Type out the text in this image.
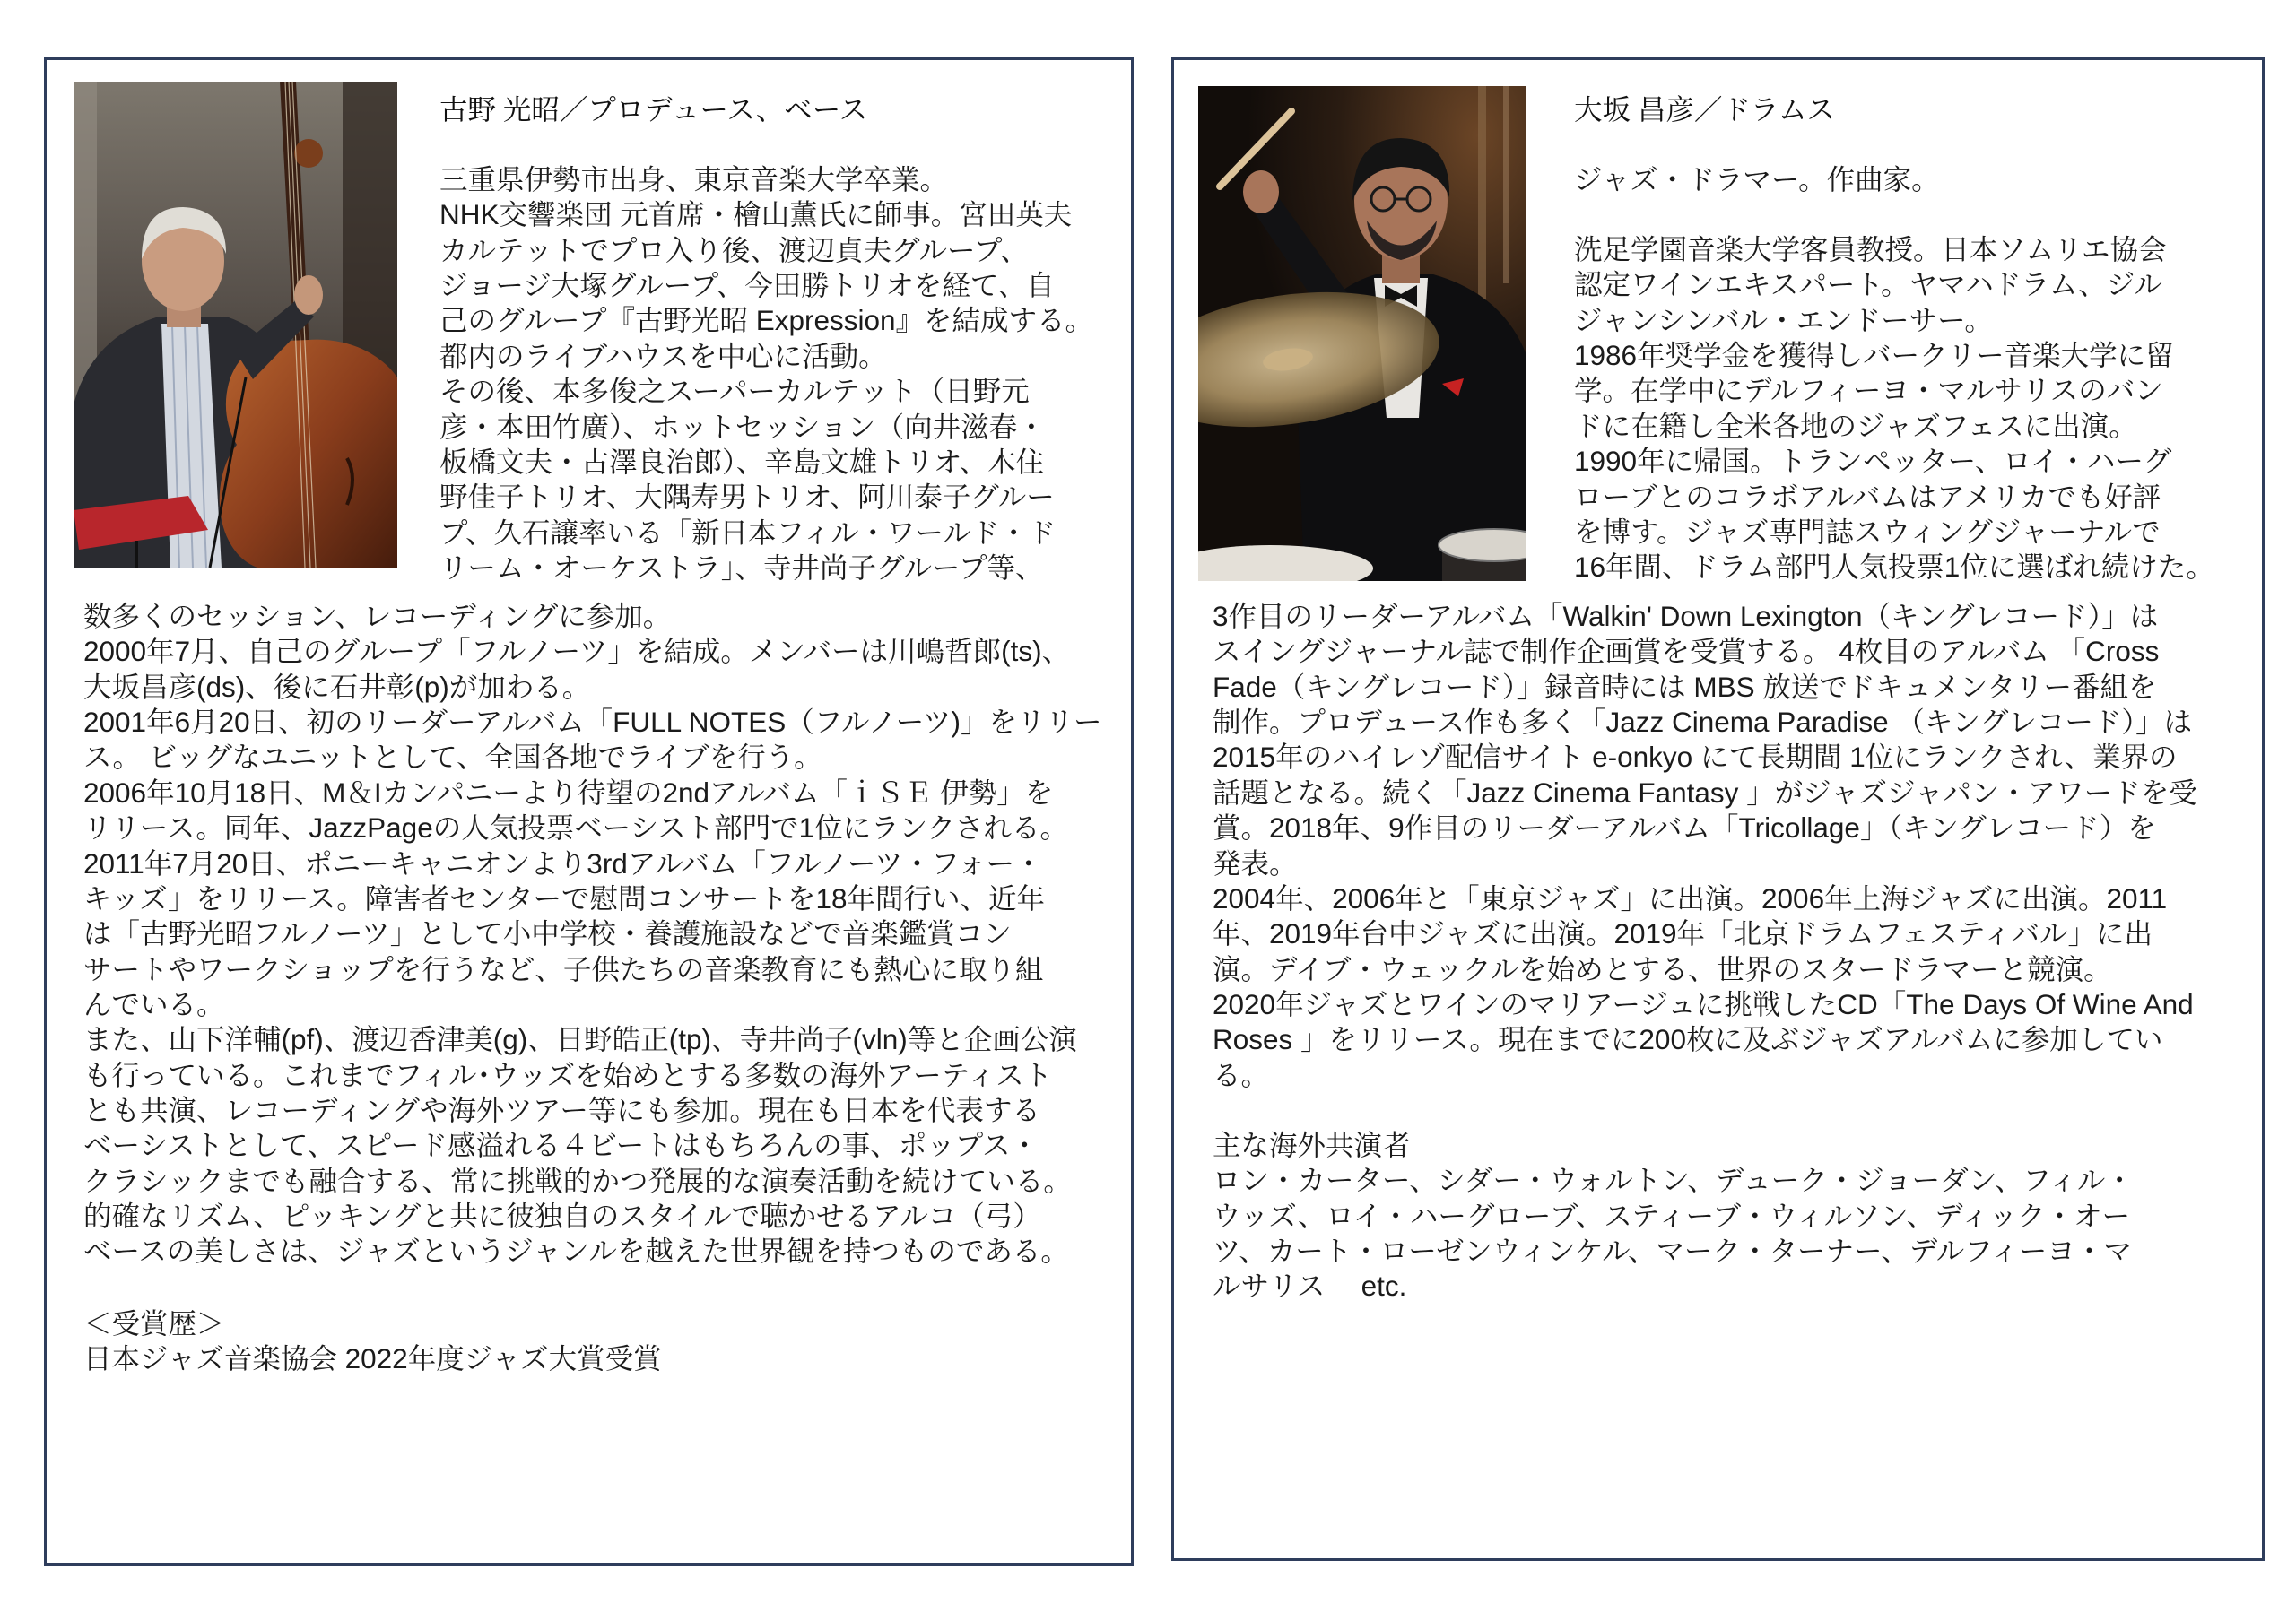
古野 光昭／プロデュース、ベース
三重県伊勢市出身、東京音楽大学卒業。
NHK交響楽団 元首席・檜山薫氏に師事。宮田英夫
カルテットでプロ入り後、渡辺貞夫グループ、
ジョージ大塚グループ、今田勝トリオを経て、自
己のグループ『古野光昭 Expression』を結成する。
都内のライブハウスを中心に活動。
その後、本多俊之スーパーカルテット（日野元
彦・本田竹廣）、ホットセッション（向井滋春・
板橋文夫・古澤良治郎）、辛島文雄トリオ、木住
野佳子トリオ、大隅寿男トリオ、阿川泰子グルー
プ、久石譲率いる「新日本フィル・ワールド・ド
リーム・オーケストラ」、寺井尚子グループ等、
数多くのセッション、レコーディングに参加。
2000年7月、自己のグループ「フルノーツ」を結成。メンバーは川嶋哲郎(ts)、
大坂昌彦(ds)、後に石井彰(p)が加わる。
2001年6月20日、初のリーダーアルバム「FULL NOTES（フルノーツ)」をリリー
ス。 ビッグなユニットとして、全国各地でライブを行う。
2006年10月18日、M＆Iカンパニーより待望の2ndアルバム「ｉＳＥ 伊勢」を
リリース。同年、JazzPageの人気投票ベーシスト部門で1位にランクされる。
2011年7月20日、ポニーキャニオンより3rdアルバム「フルノーツ・フォー・
キッズ」をリリース。障害者センターで慰問コンサートを18年間行い、近年
は「古野光昭フルノーツ」として小中学校・養護施設などで音楽鑑賞コン
サートやワークショップを行うなど、子供たちの音楽教育にも熱心に取り組
んでいる。
また、山下洋輔(pf)、渡辺香津美(g)、日野皓正(tp)、寺井尚子(vln)等と企画公演
も行っている。これまでフィル･ウッズを始めとする多数の海外アーティスト
とも共演、レコーディングや海外ツアー等にも参加。現在も日本を代表する
ベーシストとして、スピード感溢れる４ビートはもちろんの事、ポップス・
クラシックまでも融合する、常に挑戦的かつ発展的な演奏活動を続けている。
的確なリズム、ピッキングと共に彼独自のスタイルで聴かせるアルコ（弓）
ベースの美しさは、ジャズというジャンルを越えた世界観を持つものである。
＜受賞歴＞
日本ジャズ音楽協会 2022年度ジャズ大賞受賞
大坂 昌彦／ドラムス
ジャズ・ドラマー。作曲家。
洗足学園音楽大学客員教授。日本ソムリエ協会
認定ワインエキスパート。ヤマハドラム、ジル
ジャンシンバル・エンドーサー。
1986年奨学金を獲得しバークリー音楽大学に留
学。在学中にデルフィーヨ・マルサリスのバン
ドに在籍し全米各地のジャズフェスに出演。
1990年に帰国。トランペッター、ロイ・ハーグ
ローブとのコラボアルバムはアメリカでも好評
を博す。ジャズ専門誌スウィングジャーナルで
16年間、ドラム部門人気投票1位に選ばれ続けた。
3作目のリーダーアルバム「Walkin' Down Lexington（キングレコード）」は
スイングジャーナル誌で制作企画賞を受賞する。 4枚目のアルバム 「Cross
Fade（キングレコード）」録音時には MBS 放送でドキュメンタリー番組を
制作。プロデュース作も多く「Jazz Cinema Paradise （キングレコード）」は
2015年のハイレゾ配信サイト e-onkyo にて長期間 1位にランクされ、業界の
話題となる。続く「Jazz Cinema Fantasy 」がジャズジャパン・アワードを受
賞。2018年、9作目のリーダーアルバム「Tricollage」（キングレコード）を
発表。
2004年、2006年と「東京ジャズ」に出演。2006年上海ジャズに出演。2011
年、2019年台中ジャズに出演。2019年「北京ドラムフェスティバル」に出
演。デイブ・ウェックルを始めとする、世界のスタードラマーと競演。
2020年ジャズとワインのマリアージュに挑戦したCD「The Days Of Wine And
Roses 」をリリース。現在までに200枚に及ぶジャズアルバムに参加してい
る。
主な海外共演者
ロン・カーター、シダー・ウォルトン、デューク・ジョーダン、フィル・
ウッズ、ロイ・ハーグローブ、スティーブ・ウィルソン、ディック・オー
ツ、カート・ローゼンウィンケル、マーク・ターナー、デルフィーヨ・マ
ルサリス　 etc.
